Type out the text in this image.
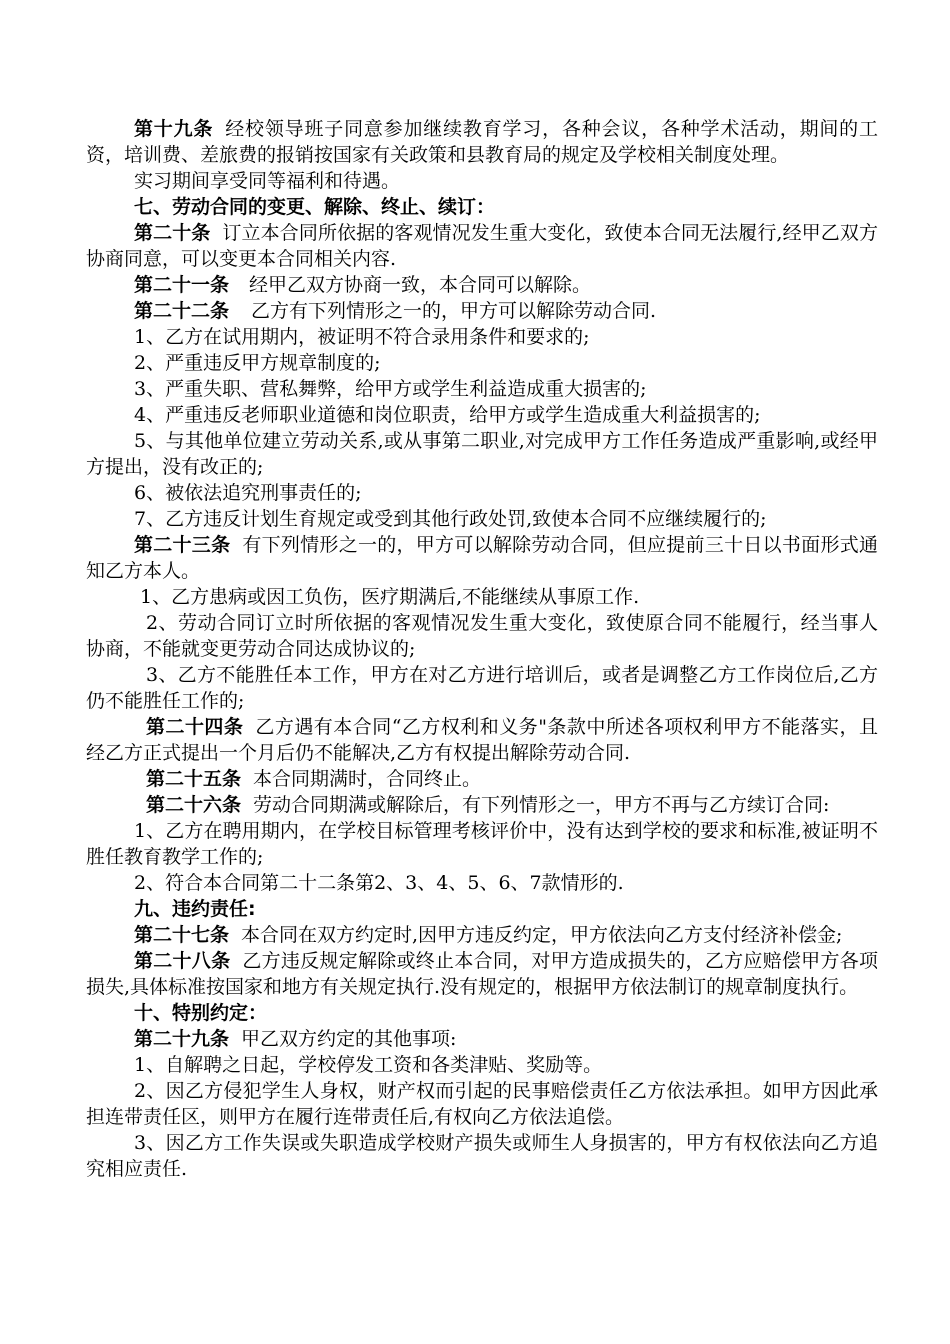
第十九条 经校领导班子同意参加继续教育学习，各种会议，各种学术活动，期间的工资，培训费、差旅费的报销按国家有关政策和县教育局的规定及学校相关制度处理。

实习期间享受同等福利和待遇。

七、劳动合同的变更、解除、终止、续订：

第二十条 订立本合同所依据的客观情况发生重大变化，致使本合同无法履行,经甲乙双方协商同意，可以变更本合同相关内容.

第二十一条 经甲乙双方协商一致，本合同可以解除。

第二十二条 乙方有下列情形之一的，甲方可以解除劳动合同.

1、乙方在试用期内，被证明不符合录用条件和要求的;

2、严重违反甲方规章制度的;

3、严重失职、营私舞弊，给甲方或学生利益造成重大损害的;

4、严重违反老师职业道德和岗位职责，给甲方或学生造成重大利益损害的;

5、与其他单位建立劳动关系,或从事第二职业,对完成甲方工作任务造成严重影响,或经甲方提出，没有改正的;

6、被依法追究刑事责任的;

7、乙方违反计划生育规定或受到其他行政处罚,致使本合同不应继续履行的;

第二十三条 有下列情形之一的，甲方可以解除劳动合同，但应提前三十日以书面形式通知乙方本人。

1、乙方患病或因工负伤，医疗期满后,不能继续从事原工作.

2、劳动合同订立时所依据的客观情况发生重大变化，致使原合同不能履行，经当事人协商，不能就变更劳动合同达成协议的;

3、乙方不能胜任本工作，甲方在对乙方进行培训后，或者是调整乙方工作岗位后,乙方仍不能胜任工作的;

第二十四条 乙方遇有本合同“乙方权利和义务"条款中所述各项权利甲方不能落实，且经乙方正式提出一个月后仍不能解决,乙方有权提出解除劳动合同.

第二十五条 本合同期满时，合同终止。

第二十六条 劳动合同期满或解除后，有下列情形之一，甲方不再与乙方续订合同:

1、乙方在聘用期内，在学校目标管理考核评价中，没有达到学校的要求和标准,被证明不胜任教育教学工作的;

2、符合本合同第二十二条第2、3、4、5、6、7款情形的.

九、违约责任:

第二十七条 本合同在双方约定时,因甲方违反约定，甲方依法向乙方支付经济补偿金;

第二十八条 乙方违反规定解除或终止本合同，对甲方造成损失的，乙方应赔偿甲方各项损失,具体标准按国家和地方有关规定执行.没有规定的，根据甲方依法制订的规章制度执行。

十、特别约定：

第二十九条 甲乙双方约定的其他事项:

1、自解聘之日起，学校停发工资和各类津贴、奖励等。

2、因乙方侵犯学生人身权，财产权而引起的民事赔偿责任乙方依法承担。如甲方因此承担连带责任区，则甲方在履行连带责任后,有权向乙方依法追偿。

3、因乙方工作失误或失职造成学校财产损失或师生人身损害的，甲方有权依法向乙方追究相应责任.
